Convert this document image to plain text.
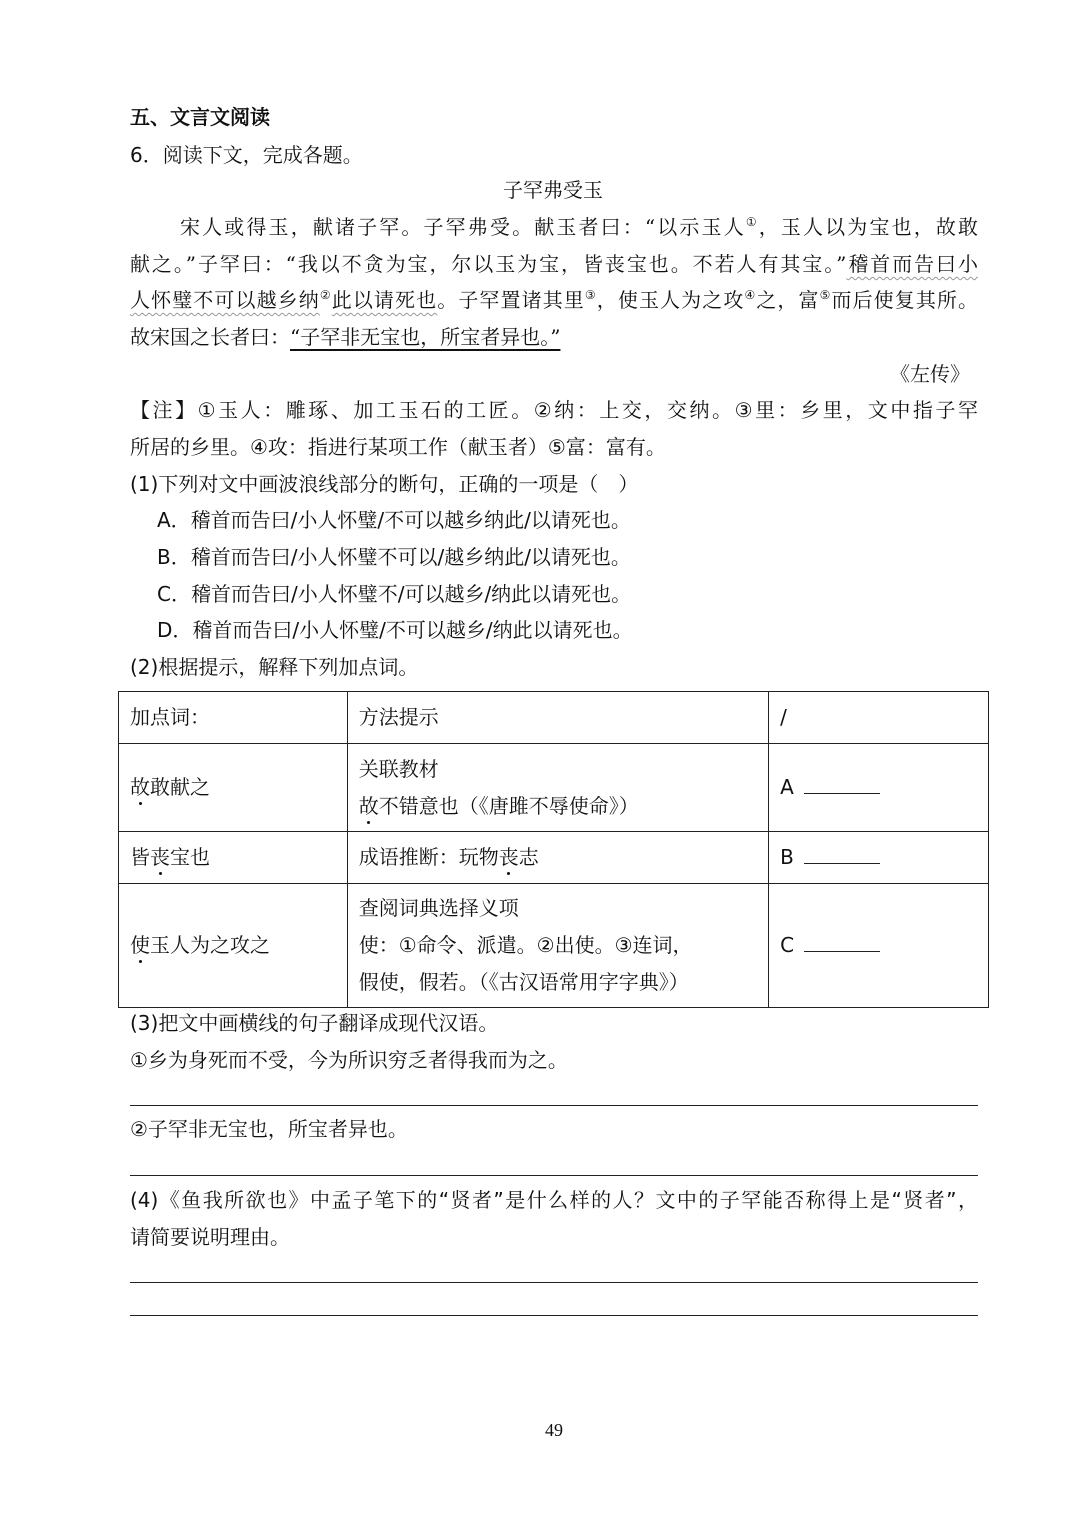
五、文言文阅读
6．阅读下文，完成各题。
子罕弗受玉
宋人或得玉，献诸子罕。子罕弗受。献玉者曰：“以示玉人①，玉人以为宝也，故敢
献之。”子罕曰：“我以不贪为宝，尔以玉为宝，皆丧宝也。不若人有其宝。”稽首而告曰小
人怀璧不可以越乡纳②此以请死也。子罕置诸其里③，使玉人为之攻④之，富⑤而后使复其所。
故宋国之长者曰：“子罕非无宝也，所宝者异也。”
《左传》
【注】①玉人：雕琢、加工玉石的工匠。②纳：上交，交纳。③里：乡里，文中指子罕
所居的乡里。④攻：指进行某项工作（献玉者）⑤富：富有。
(1)下列对文中画波浪线部分的断句，正确的一项是（　）
A．稽首而告曰/小人怀璧/不可以越乡纳此/以请死也。
B．稽首而告曰/小人怀璧不可以/越乡纳此/以请死也。
C．稽首而告曰/小人怀璧不/可以越乡/纳此以请死也。
D．稽首而告曰/小人怀璧/不可以越乡/纳此以请死也。
(2)根据提示，解释下列加点词。
加点词：	方法提示	/
故敢献之	关联教材
故不错意也（《唐雎不辱使命》）	A
皆丧宝也	成语推断：玩物丧志	B
使玉人为之攻之	查阅词典选择义项
使：①命令、派遣。②出使。③连词，
假使，假若。（《古汉语常用字字典》）	C
(3)把文中画横线的句子翻译成现代汉语。
①乡为身死而不受，今为所识穷乏者得我而为之。
②子罕非无宝也，所宝者异也。
(4)《鱼我所欲也》中孟子笔下的“贤者”是什么样的人？文中的子罕能否称得上是“贤者”，
请简要说明理由。
49
